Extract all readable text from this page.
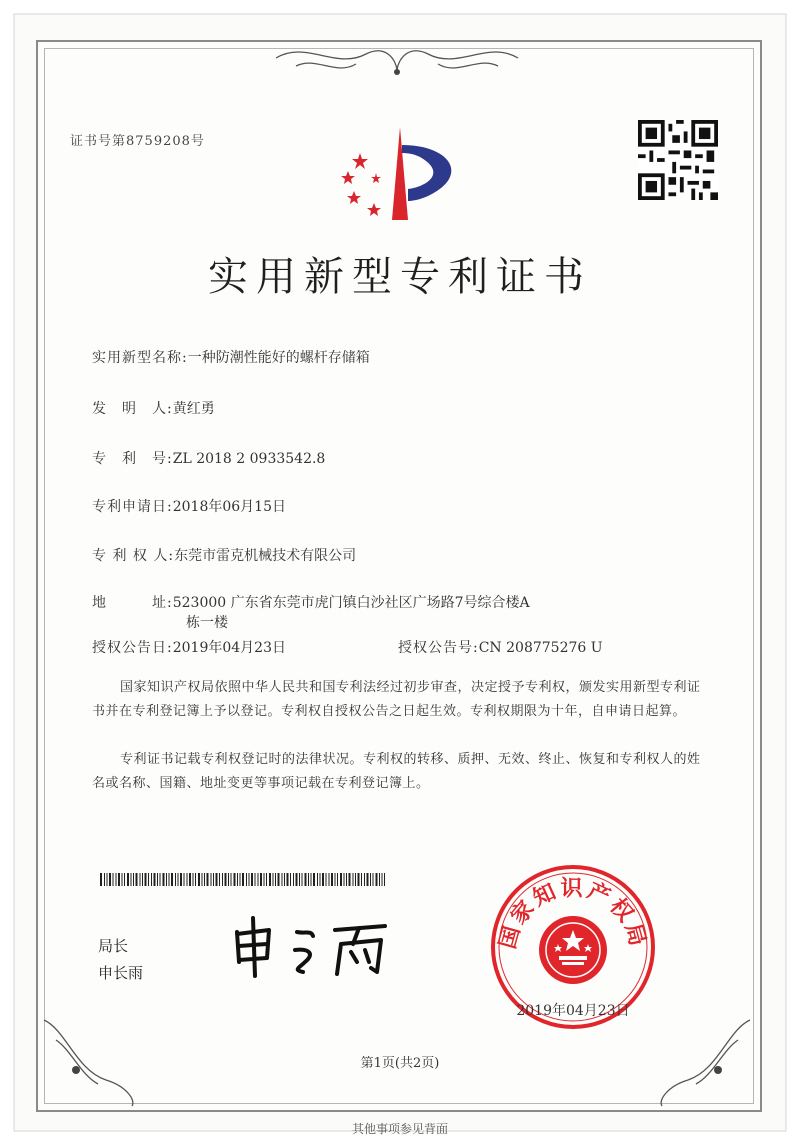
证书号第8759208号
实用新型专利证书
实用新型名称:一种防潮性能好的螺杆存储箱
发　明　人:黄红勇
专　利　号:ZL 2018 2 0933542.8
专利申请日:2018年06月15日
专 利 权 人:东莞市雷克机械技术有限公司
地　　　址:523000 广东省东莞市虎门镇白沙社区广场路7号综合楼A
栋一楼
授权公告日:2019年04月23日	授权公告号:CN 208775276 U
国家知识产权局依照中华人民共和国专利法经过初步审查，决定授予专利权，颁发实用新型专利证书并在专利登记簿上予以登记。专利权自授权公告之日起生效。专利权期限为十年，自申请日起算。
专利证书记载专利权登记时的法律状况。专利权的转移、质押、无效、终止、恢复和专利权人的姓名或名称、国籍、地址变更等事项记载在专利登记簿上。
局长
申长雨
国家知识产权局
2019年04月23日
第1页(共2页)
其他事项参见背面
